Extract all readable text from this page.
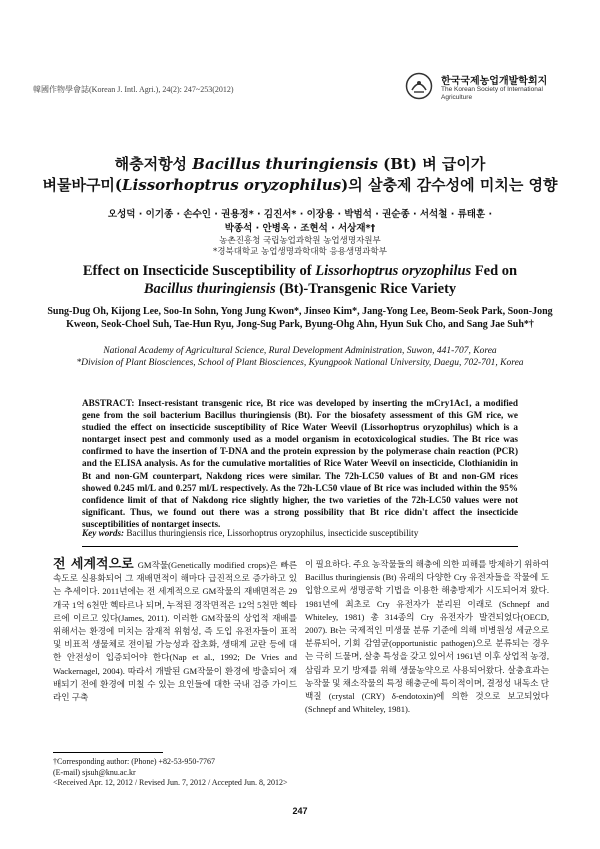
韓國作物學會誌(Korean J. Intl. Agri.), 24(2): 247~253(2012)
한국국제농업개발학회지
The Korean Society of International
Agriculture
해충저항성 Bacillus thuringiensis (Bt) 벼 급이가
벼물바구미(Lissorhoptrus oryzophilus)의 살충제 감수성에 미치는 영향
오성덕 · 이기종 · 손수인 · 권용정* · 김진서* · 이장용 · 박범석 · 권순종 · 서석철 · 류태훈 ·
박종석 · 안병옥 · 조현석 · 서상재*†
농촌진흥청 국립농업과학원 농업생명자원부
*경북대학교 농업생명과학대학 응용생명과학부
Effect on Insecticide Susceptibility of Lissorhoptrus oryzophilus Fed on
Bacillus thuringiensis (Bt)-Transgenic Rice Variety
Sung-Dug Oh, Kijong Lee, Soo-In Sohn, Yong Jung Kwon*, Jinseo Kim*, Jang-Yong Lee, Beom-Seok Park, Soon-Jong Kweon, Seok-Choel Suh, Tae-Hun Ryu, Jong-Sug Park, Byung-Ohg Ahn, Hyun Suk Cho, and Sang Jae Suh*†
National Academy of Agricultural Science, Rural Development Administration, Suwon, 441-707, Korea
*Division of Plant Biosciences, School of Plant Biosciences, Kyungpook National University, Daegu, 702-701, Korea
ABSTRACT: Insect-resistant transgenic rice, Bt rice was developed by inserting the mCry1Ac1, a modified gene from the soil bacterium Bacillus thuringiensis (Bt). For the biosafety assessment of this GM rice, we studied the effect on insecticide susceptibility of Rice Water Weevil (Lissorhoptrus oryzophilus) which is a nontarget insect pest and commonly used as a model organism in ecotoxicological studies. The Bt rice was confirmed to have the insertion of T-DNA and the protein expression by the polymerase chain reaction (PCR) and the ELISA analysis. As for the cumulative mortalities of Rice Water Weevil on insecticide, Clothianidin in Bt and non-GM counterpart, Nakdong rices were similar. The 72h-LC50 values of Bt and non-GM rices showed 0.245 ml/L and 0.257 ml/L respectively. As the 72h-LC50 vlaue of Bt rice was included within the 95% confidence limit of that of Nakdong rice slightly higher, the two varieties of the 72h-LC50 values were not significant. Thus, we found out there was a strong possibility that Bt rice didn't affect the insecticide susceptibilities of nontarget insects.
Key words: Bacillus thuringiensis rice, Lissorhoptrus oryzophilus, insecticide susceptibility
전 세계적으로 GM작물(Genetically modified crops)은 빠른 속도로 실용화되어 그 재배면적이 해마다 급진적으로 증가하고 있는 추세이다. 2011년에는 전 세계적으로 GM작물의 재배면적은 29개국 1억 6천만 헥타르나 되며, 누적된 경작면적은 12억 5천만 헥타르에 이르고 있다(James, 2011). 이러한 GM작물의 상업적 재배를 위해서는 환경에 미치는 잠재적 위험성, 즉 도입 유전자들이 표적 및 비표적 생물체로 전이될 가능성과 잡초화, 생태계 교란 등에 대한 안전성이 입증되어야 한다(Nap et al., 1992; De Vries and Wackernagel, 2004). 따라서 개발된 GM작물이 환경에 방출되어 재배되기 전에 환경에 미칠 수 있는 요인들에 대한 국내 검증 가이드라인 구축
이 필요하다. 주요 농작물들의 해충에 의한 피해를 방제하기 위하여 Bacillus thuringiensis (Bt) 유래의 다양한 Cry 유전자들을 작물에 도입함으로써 생명공학 기법을 이용한 해충방제가 시도되어져 왔다. 1981년에 최초로 Cry 유전자가 분리된 이래로 (Schnepf and Whiteley, 1981) 총 314종의 Cry 유전자가 발견되었다(OECD, 2007). Bt는 국제적인 미생물 분류 기준에 의해 비병원성 세균으로 분류되어, 기회 감염균(opportunistic pathogen)으로 분류되는 경우는 극히 드물며, 살충 특성을 갖고 있어서 1961년 이후 상업적 농경, 삼림과 모기 방제를 위해 생물농약으로 사용되어왔다. 살충효과는 농작물 및 채소작물의 특정 해충군에 특이적이며, 결정성 내독소 단백질 (crystal (CRY) δ-endotoxin)에 의한 것으로 보고되었다(Schnepf and Whiteley, 1981).
†Corresponding author: (Phone) +82-53-950-7767
(E-mail) sjsuh@knu.ac.kr
<Received Apr. 12, 2012 / Revised Jun. 7, 2012 / Accepted Jun. 8, 2012>
247
